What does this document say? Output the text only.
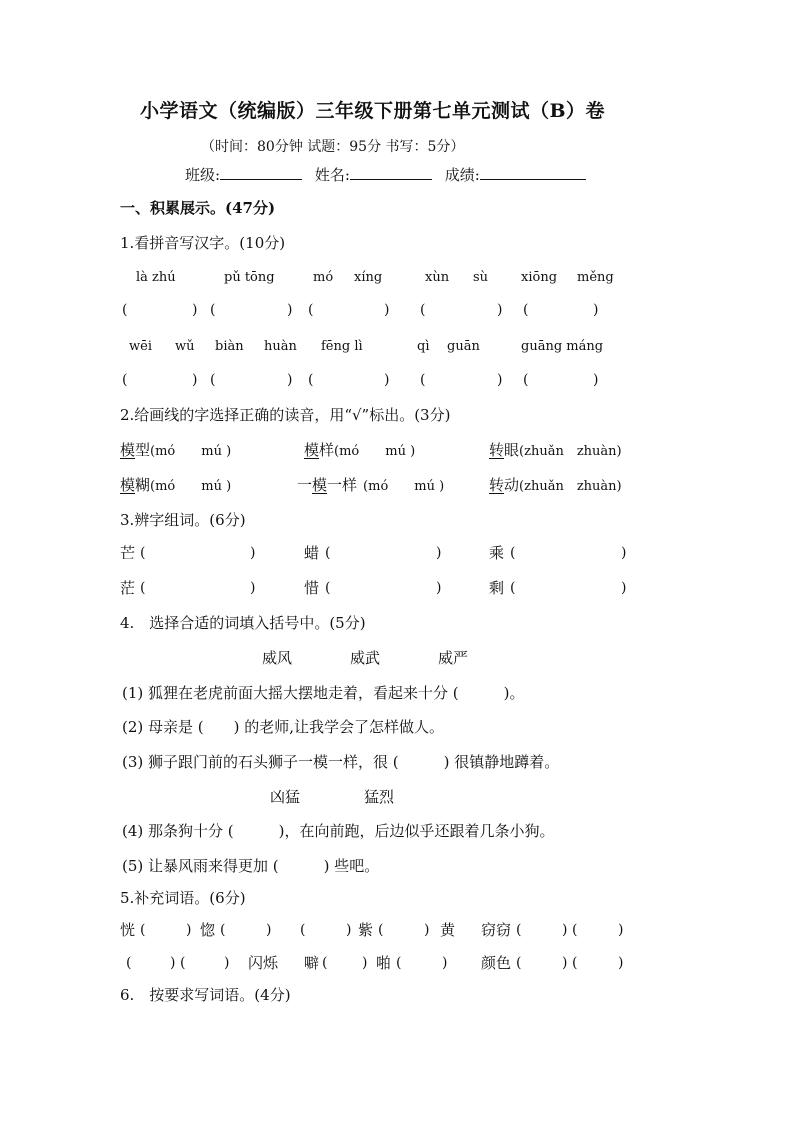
小学语文（统编版）三年级下册第七单元测试（B）卷
（时间：80分钟 试题：95分 书写：5分）
班级:	姓名:	成绩:
一、积累展示。(47分)
1.看拼音写汉字。(10分)
là zhú	pǔ tōng	mó xíng	xùn sù	xiōng měng
(	) (	) (	) (	) (	)
wēi wǔ biàn huàn fēng lì	qì guān	guāng máng
(	) (	) (	) (	) (	)
2.给画线的字选择正确的读音，用“√”标出。(3分)
模型(mó　　mú )	模样(mó　　mú )	转眼(zhuǎn　zhuàn)
模糊(mó　　mú )	一模一样 (mó　　mú )	转动(zhuǎn　zhuàn)
3.辨字组词。(6分)
芒 (	)	蜡 (	)	乘 (	)
茫 (	)	惜 (	)	剩 (	)
4.　选择合适的词填入括号中。(5分)
威风	威武	威严
(1) 狐狸在老虎前面大摇大摆地走着，看起来十分 (　　　)。
(2) 母亲是 (　　) 的老师,让我学会了怎样做人。
(3) 狮子跟门前的石头狮子一模一样，很 (　　　) 很镇静地蹲着。
凶猛	猛烈
(4) 那条狗十分 (　　　)，在向前跑，后边似乎还跟着几条小狗。
(5) 让暴风雨来得更加 (　　　) 些吧。
5.补充词语。(6分)
恍 (	) 惚 (	) (	) 紫 (	) 黄 窃窃 (	) (	)
(	) (	) 闪烁 噼 ( ) 啪 (	) 颜色 (	) (	)
6.　按要求写词语。(4分)
